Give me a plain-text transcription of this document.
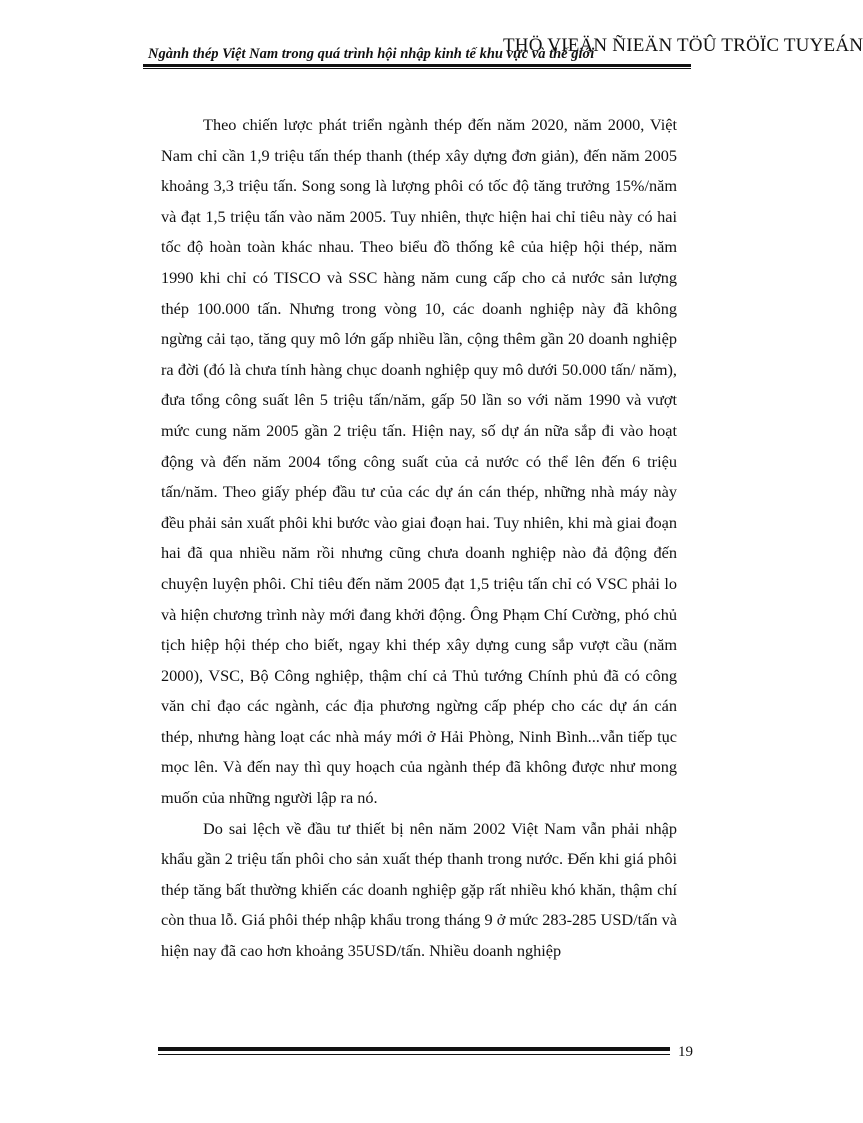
THÖ VIEÄN ÑIEÄN TÖÛ TRÖÏC TUYEÁN
Ngành thép Việt Nam trong quá trình hội nhập kinh tế khu vực và thế giới

Theo chiến lược phát triển ngành thép đến năm 2020, năm 2000, Việt Nam chỉ cần 1,9 triệu tấn thép thanh (thép xây dựng đơn giản), đến năm 2005 khoảng 3,3 triệu tấn. Song song là lượng phôi có tốc độ tăng trưởng 15%/năm và đạt 1,5 triệu tấn vào năm 2005. Tuy nhiên, thực hiện hai chỉ tiêu này có hai tốc độ hoàn toàn khác nhau. Theo biểu đồ thống kê của hiệp hội thép, năm 1990 khi chỉ có TISCO và SSC hàng năm cung cấp cho cả nước sản lượng thép 100.000 tấn. Nhưng trong vòng 10, các doanh nghiệp này đã không ngừng cải tạo, tăng quy mô lớn gấp nhiều lần, cộng thêm gần 20 doanh nghiệp ra đời (đó là chưa tính hàng chục doanh nghiệp quy mô dưới 50.000 tấn/ năm), đưa tổng công suất lên 5 triệu tấn/năm, gấp 50 lần so với năm 1990 và vượt mức cung năm 2005 gần 2 triệu tấn. Hiện nay, số dự án nữa sắp đi vào hoạt động và đến năm 2004 tổng công suất của cả nước có thể lên đến 6 triệu tấn/năm. Theo giấy phép đầu tư của các dự án cán thép, những nhà máy này đều phải sản xuất phôi khi bước vào giai đoạn hai. Tuy nhiên, khi mà giai đoạn hai đã qua nhiều năm rồi nhưng cũng chưa doanh nghiệp nào đả động đến chuyện luyện phôi. Chỉ tiêu đến năm 2005 đạt 1,5 triệu tấn chỉ có VSC phải lo và hiện chương trình này mới đang khởi động. Ông Phạm Chí Cường, phó chủ tịch hiệp hội thép cho biết, ngay khi thép xây dựng cung sắp vượt cầu (năm 2000), VSC, Bộ Công nghiệp, thậm chí cả Thủ tướng Chính phủ đã có công văn chỉ đạo các ngành, các địa phương ngừng cấp phép cho các dự án cán thép, nhưng hàng loạt các nhà máy mới ở Hải Phòng, Ninh Bình...vẫn tiếp tục mọc lên. Và đến nay thì quy hoạch của ngành thép đã không được như mong muốn của những người lập ra nó.

Do sai lệch về đầu tư thiết bị nên năm 2002 Việt Nam vẫn phải nhập khẩu gần 2 triệu tấn phôi cho sản xuất thép thanh trong nước. Đến khi giá phôi thép tăng bất thường khiến các doanh nghiệp gặp rất nhiều khó khăn, thậm chí còn thua lỗ. Giá phôi thép nhập khẩu trong tháng 9 ở mức 283-285 USD/tấn và hiện nay đã cao hơn khoảng 35USD/tấn. Nhiều doanh nghiệp

19
